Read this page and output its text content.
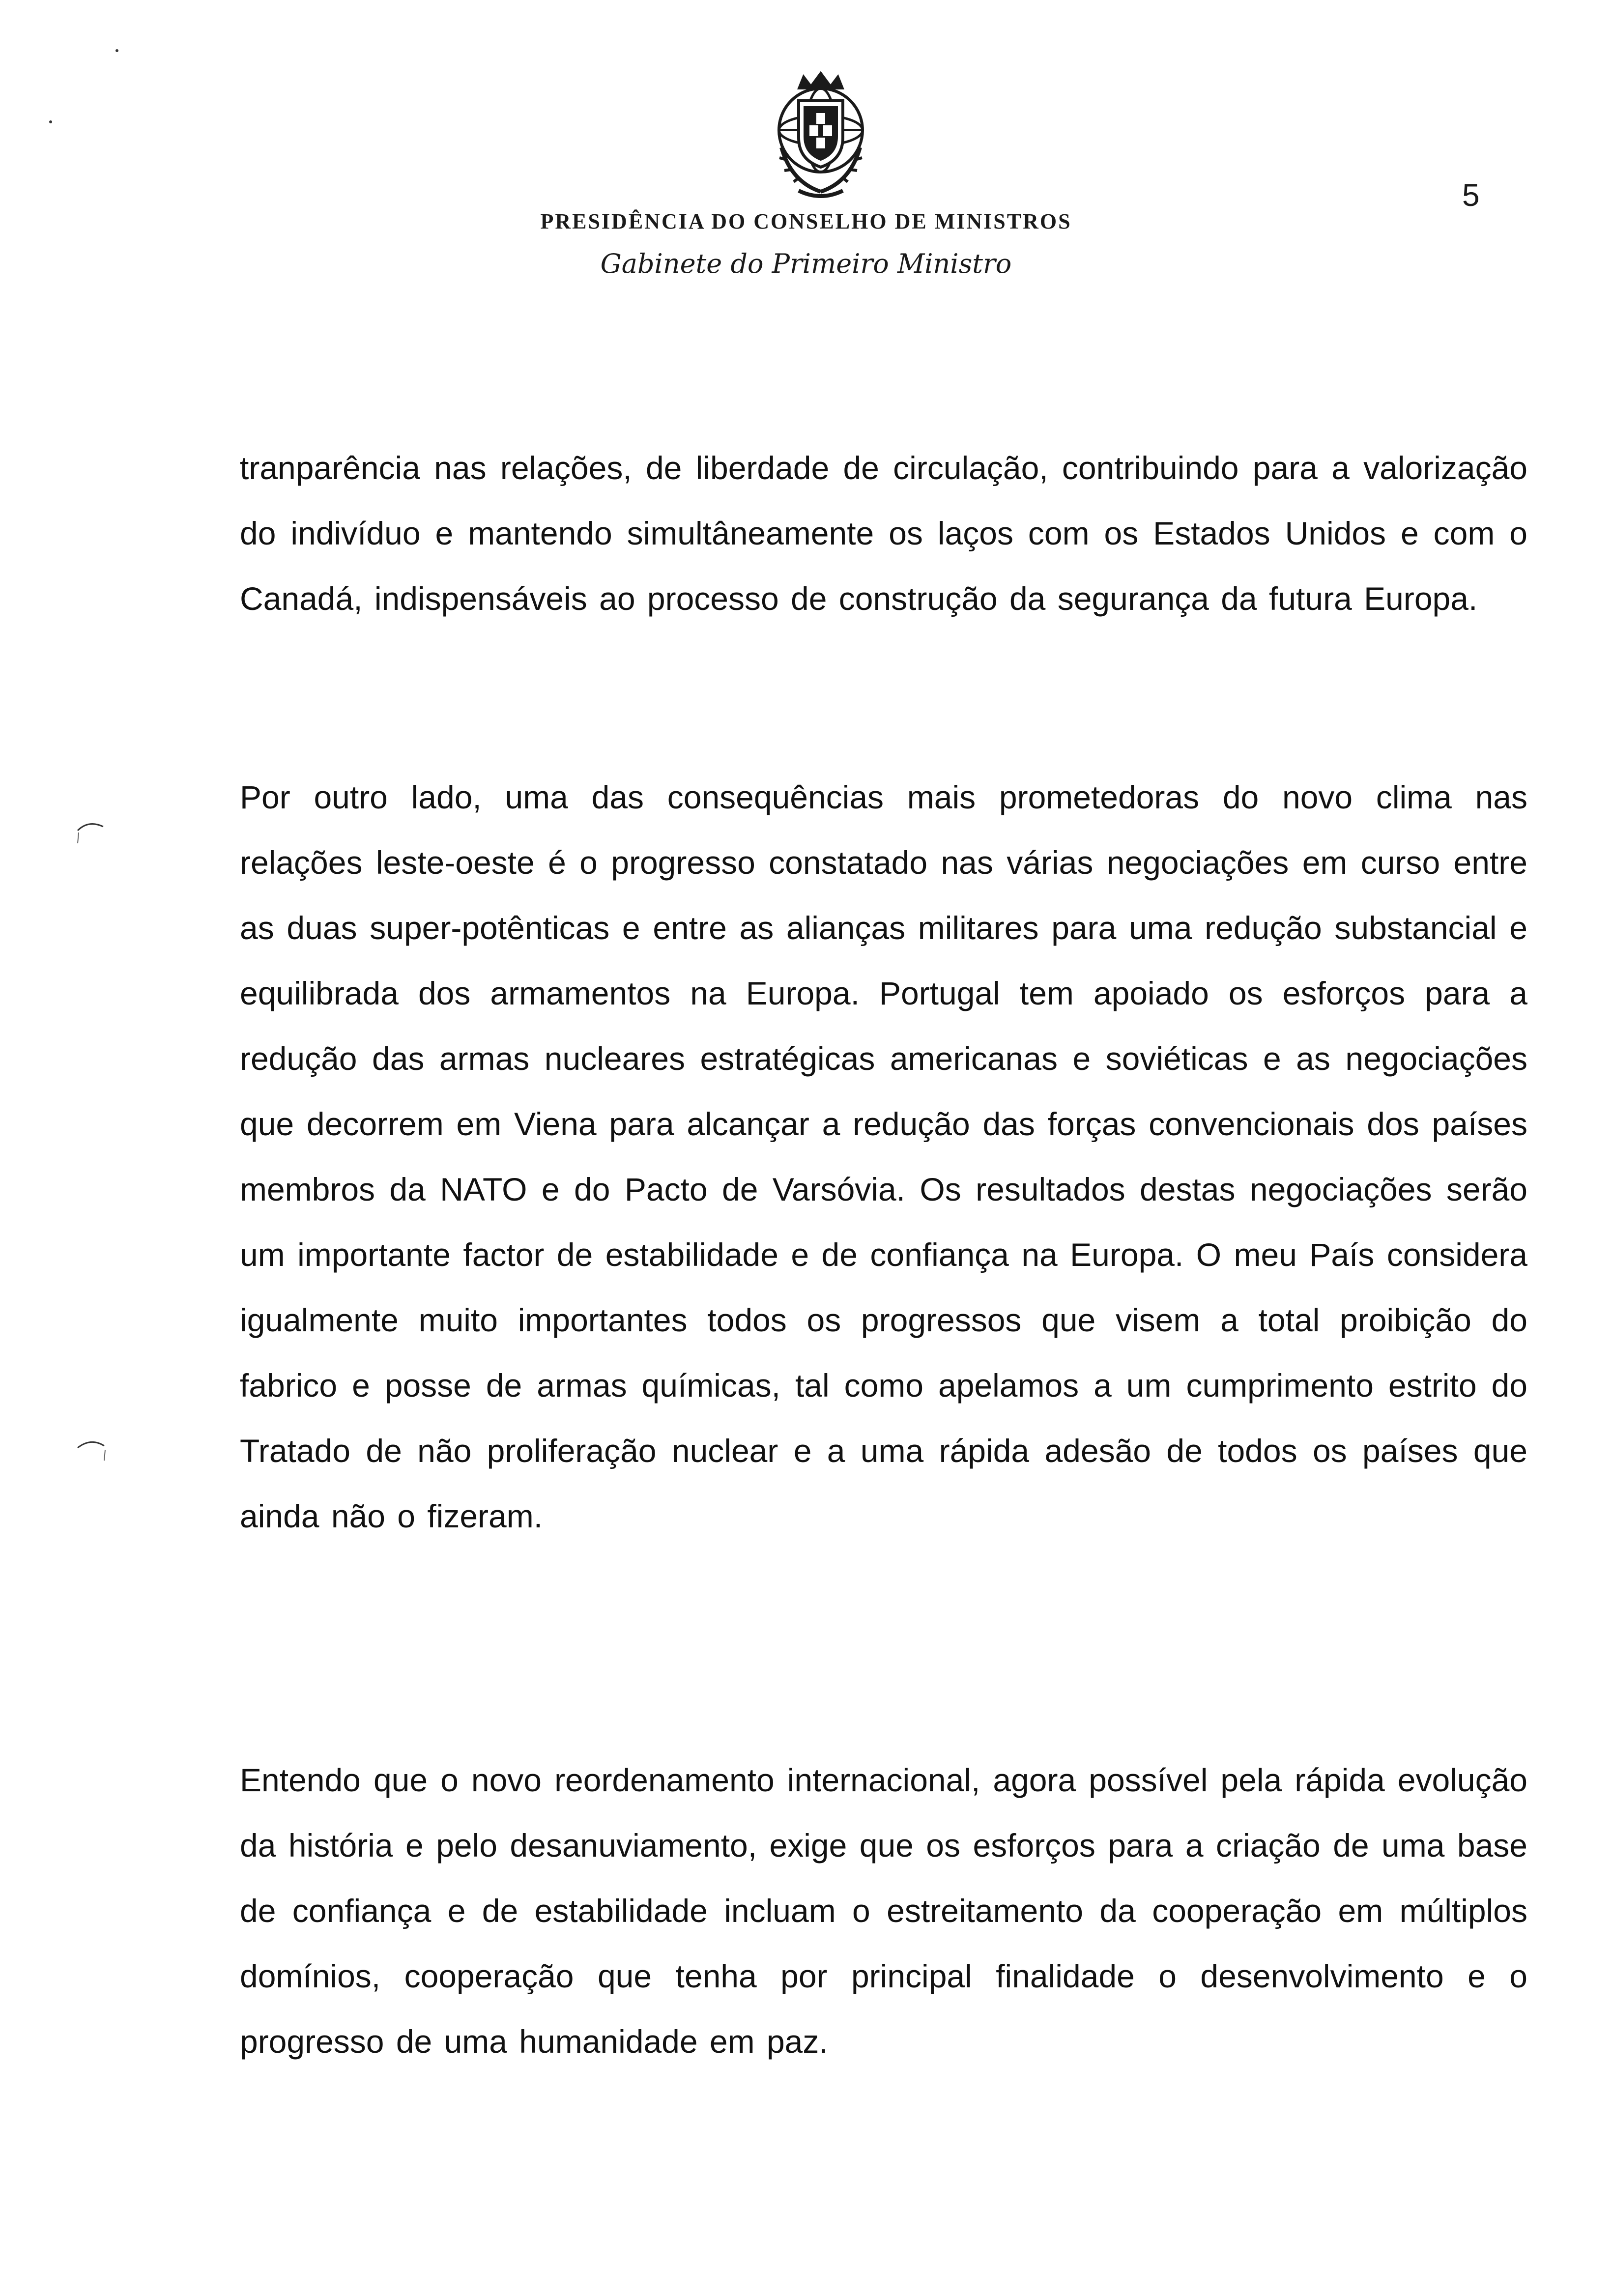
PRESIDÊNCIA DO CONSELHO DE MINISTROS
Gabinete do Primeiro Ministro
5

tranparência nas relações, de liberdade de circulação, contribuindo para a valorização do indivíduo e mantendo simultâneamente os laços com os Estados Unidos e com o Canadá, indispensáveis ao processo de construção da segurança da futura Europa.

Por outro lado, uma das consequências mais prometedoras do novo clima nas relações leste-oeste é o progresso constatado nas várias negociações em curso entre as duas super-potênticas e entre as alianças militares para uma redução substancial e equilibrada dos armamentos na Europa. Portugal tem apoiado os esforços para a redução das armas nucleares estratégicas americanas e soviéticas e as negociações que decorrem em Viena para alcançar a redução das forças convencionais dos países membros da NATO e do Pacto de Varsóvia. Os resultados destas negociações serão um importante factor de estabilidade e de confiança na Europa. O meu País considera igualmente muito importantes todos os progressos que visem a total proibição do fabrico e posse de armas químicas, tal como apelamos a um cumprimento estrito do Tratado de não proliferação nuclear e a uma rápida adesão de todos os países que ainda não o fizeram.

Entendo que o novo reordenamento internacional, agora possível pela rápida evolução da história e pelo desanuviamento, exige que os esforços para a criação de uma base de confiança e de estabilidade incluam o estreitamento da cooperação em múltiplos domínios, cooperação que tenha por principal finalidade o desenvolvimento e o progresso de uma humanidade em paz.
